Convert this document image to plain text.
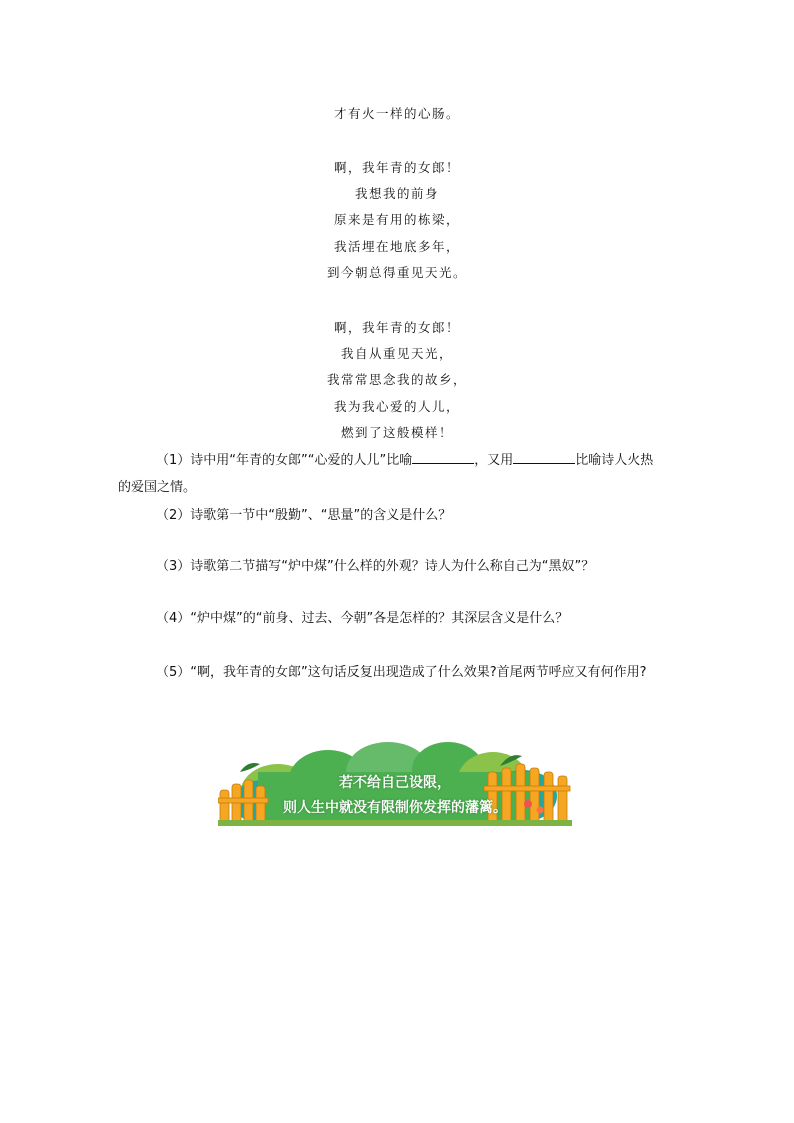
才有火一样的心肠。
啊，我年青的女郎！
我想我的前身
原来是有用的栋梁，
我活埋在地底多年，
到今朝总得重见天光。
啊，我年青的女郎！
我自从重见天光，
我常常思念我的故乡，
我为我心爱的人儿，
燃到了这般模样！
（1）诗中用“年青的女郎”“心爱的人儿”比喻	，又用	比喻诗人火热
的爱国之情。
（2）诗歌第一节中“殷勤”、“思量”的含义是什么？
（3）诗歌第二节描写“炉中煤”什么样的外观？诗人为什么称自己为“黑奴”？
（4）“炉中煤”的“前身、过去、今朝”各是怎样的？其深层含义是什么？
（5）“啊，我年青的女郎”这句话反复出现造成了什么效果?首尾两节呼应又有何作用?
若不给自己设限，
则人生中就没有限制你发挥的藩篱。
